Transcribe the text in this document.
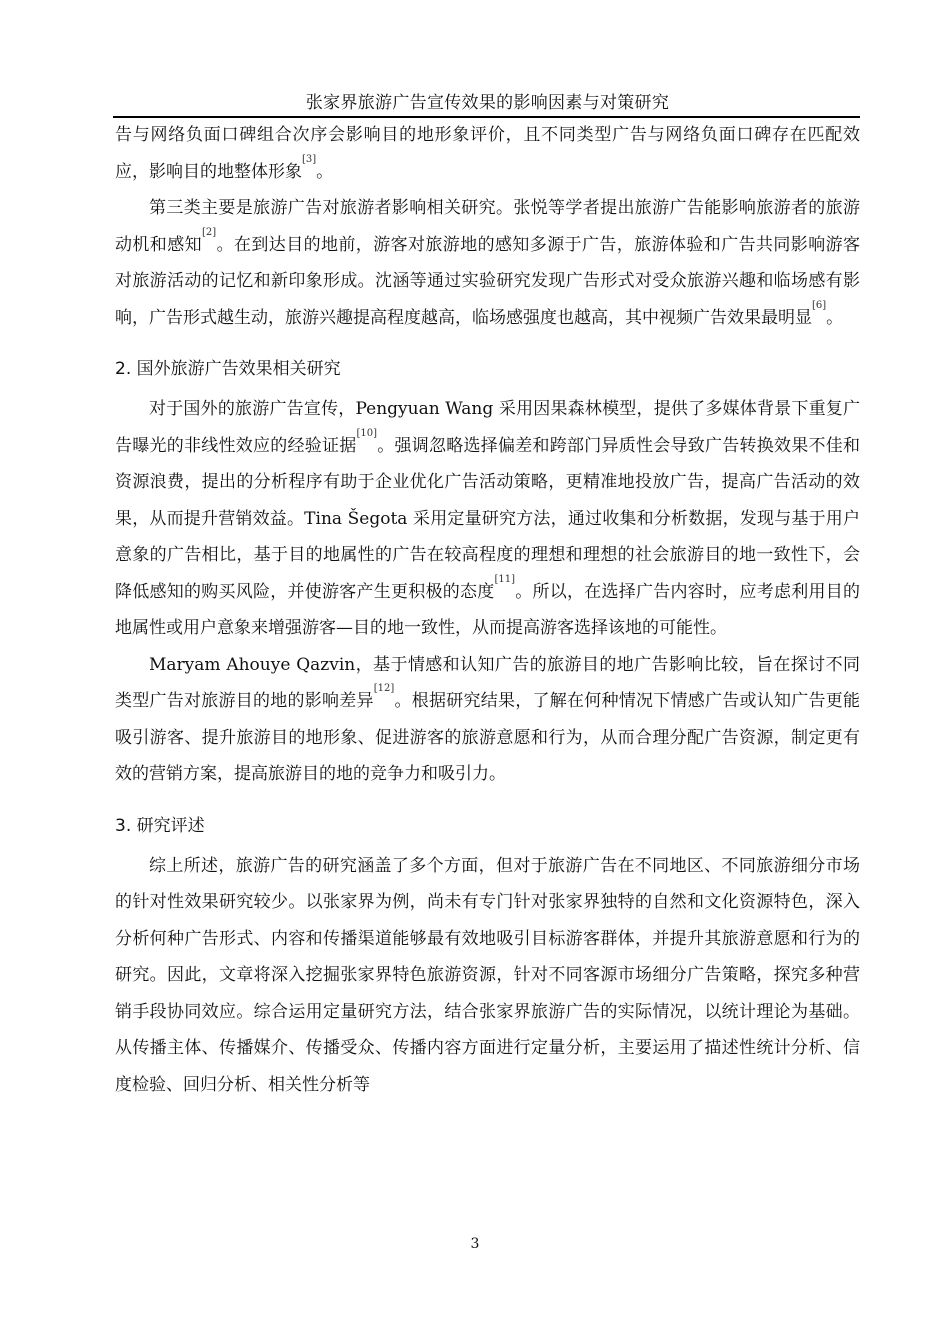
张家界旅游广告宣传效果的影响因素与对策研究

告与网络负面口碑组合次序会影响目的地形象评价，且不同类型广告与网络负面口碑存在匹配效应，影响目的地整体形象[3]。

第三类主要是旅游广告对旅游者影响相关研究。张悦等学者提出旅游广告能影响旅游者的旅游动机和感知[2]。在到达目的地前，游客对旅游地的感知多源于广告，旅游体验和广告共同影响游客对旅游活动的记忆和新印象形成。沈涵等通过实验研究发现广告形式对受众旅游兴趣和临场感有影响，广告形式越生动，旅游兴趣提高程度越高，临场感强度也越高，其中视频广告效果最明显[6]。

2. 国外旅游广告效果相关研究

对于国外的旅游广告宣传，Pengyuan Wang 采用因果森林模型，提供了多媒体背景下重复广告曝光的非线性效应的经验证据[10]。强调忽略选择偏差和跨部门异质性会导致广告转换效果不佳和资源浪费，提出的分析程序有助于企业优化广告活动策略，更精准地投放广告，提高广告活动的效果，从而提升营销效益。Tina Šegota 采用定量研究方法，通过收集和分析数据，发现与基于用户意象的广告相比，基于目的地属性的广告在较高程度的理想和理想的社会旅游目的地一致性下，会降低感知的购买风险，并使游客产生更积极的态度[11]。所以，在选择广告内容时，应考虑利用目的地属性或用户意象来增强游客—目的地一致性，从而提高游客选择该地的可能性。

Maryam Ahouye Qazvin，基于情感和认知广告的旅游目的地广告影响比较，旨在探讨不同类型广告对旅游目的地的影响差异[12]。根据研究结果，了解在何种情况下情感广告或认知广告更能吸引游客、提升旅游目的地形象、促进游客的旅游意愿和行为，从而合理分配广告资源，制定更有效的营销方案，提高旅游目的地的竞争力和吸引力。

3. 研究评述

综上所述，旅游广告的研究涵盖了多个方面，但对于旅游广告在不同地区、不同旅游细分市场的针对性效果研究较少。以张家界为例，尚未有专门针对张家界独特的自然和文化资源特色，深入分析何种广告形式、内容和传播渠道能够最有效地吸引目标游客群体，并提升其旅游意愿和行为的研究。因此，文章将深入挖掘张家界特色旅游资源，针对不同客源市场细分广告策略，探究多种营销手段协同效应。综合运用定量研究方法，结合张家界旅游广告的实际情况，以统计理论为基础。从传播主体、传播媒介、传播受众、传播内容方面进行定量分析，主要运用了描述性统计分析、信度检验、回归分析、相关性分析等

3
